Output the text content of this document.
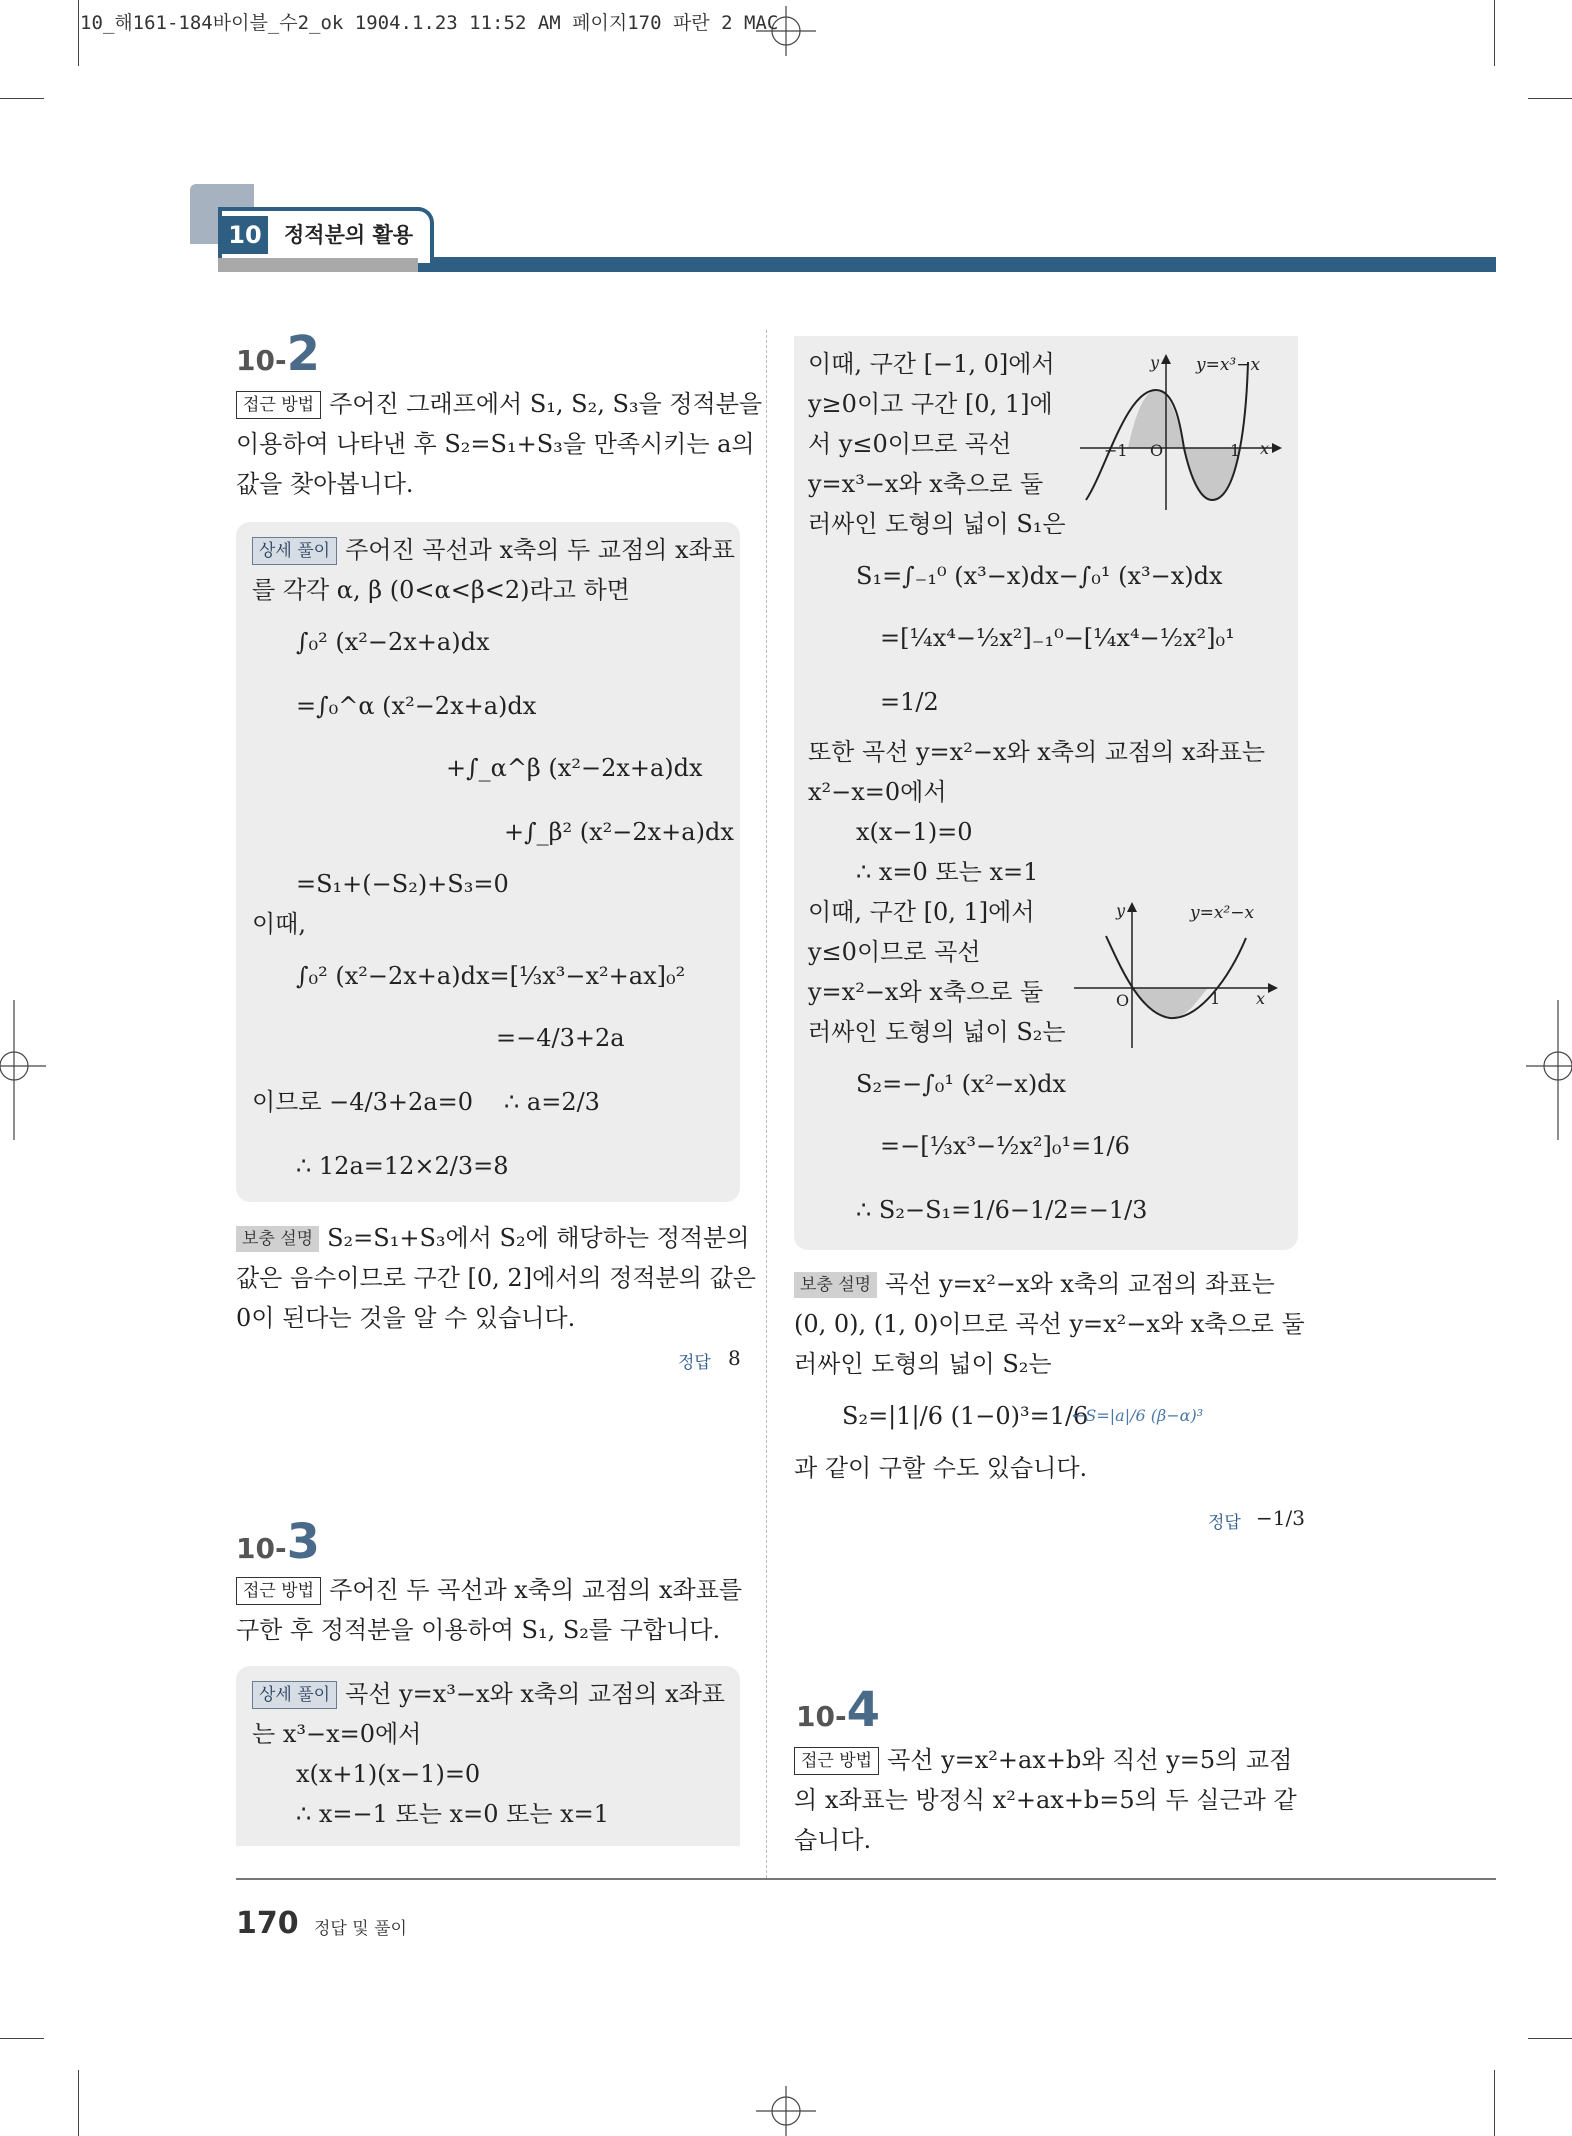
10_해161-184바이블_수2_ok 1904.1.23 11:52 AM 페이지170 파란 2 MAC
10 정적분의 활용
10-2
접근 방법 주어진 그래프에서 S₁, S₂, S₃을 정적분을
이용하여 나타낸 후 S₂=S₁+S₃을 만족시키는 a의
값을 찾아봅니다.
상세 풀이 주어진 곡선과 x축의 두 교점의 x좌표
를 각각 α, β (0<α<β<2)라고 하면
∫₀² (x²−2x+a)dx
=∫₀^α (x²−2x+a)dx
+∫_α^β (x²−2x+a)dx
+∫_β² (x²−2x+a)dx
=S₁+(−S₂)+S₃=0
이때,
∫₀² (x²−2x+a)dx=[⅓x³−x²+ax]₀²
=−4/3+2a
이므로 −4/3+2a=0 ∴ a=2/3
∴ 12a=12×2/3=8
보충 설명 S₂=S₁+S₃에서 S₂에 해당하는 정적분의
값은 음수이므로 구간 [0, 2]에서의 정적분의 값은
0이 된다는 것을 알 수 있습니다.
정답 8
10-3
접근 방법 주어진 두 곡선과 x축의 교점의 x좌표를
구한 후 정적분을 이용하여 S₁, S₂를 구합니다.
상세 풀이 곡선 y=x³−x와 x축의 교점의 x좌표
는 x³−x=0에서
x(x+1)(x−1)=0
∴ x=−1 또는 x=0 또는 x=1
이때, 구간 [−1, 0]에서
y≥0이고 구간 [0, 1]에
서 y≤0이므로 곡선
y=x³−x와 x축으로 둘
러싸인 도형의 넓이 S₁은
y=x³−x
y
x
O
−1	1
S₁=∫₋₁⁰ (x³−x)dx−∫₀¹ (x³−x)dx
=[¼x⁴−½x²]₋₁⁰−[¼x⁴−½x²]₀¹
=1/2
또한 곡선 y=x²−x와 x축의 교점의 x좌표는
x²−x=0에서
x(x−1)=0
∴ x=0 또는 x=1
이때, 구간 [0, 1]에서
y≤0이므로 곡선
y=x²−x와 x축으로 둘
러싸인 도형의 넓이 S₂는
y=x²−x
y
x
O	1
S₂=−∫₀¹ (x²−x)dx
=−[⅓x³−½x²]₀¹=1/6
∴ S₂−S₁=1/6−1/2=−1/3
보충 설명 곡선 y=x²−x와 x축의 교점의 좌표는
(0, 0), (1, 0)이므로 곡선 y=x²−x와 x축으로 둘
러싸인 도형의 넓이 S₂는
S₂=|1|/6 (1−0)³=1/6
←S=|a|/6 (β−α)³
과 같이 구할 수도 있습니다.
정답 −1/3
10-4
접근 방법 곡선 y=x²+ax+b와 직선 y=5의 교점
의 x좌표는 방정식 x²+ax+b=5의 두 실근과 같
습니다.
170 정답 및 풀이
